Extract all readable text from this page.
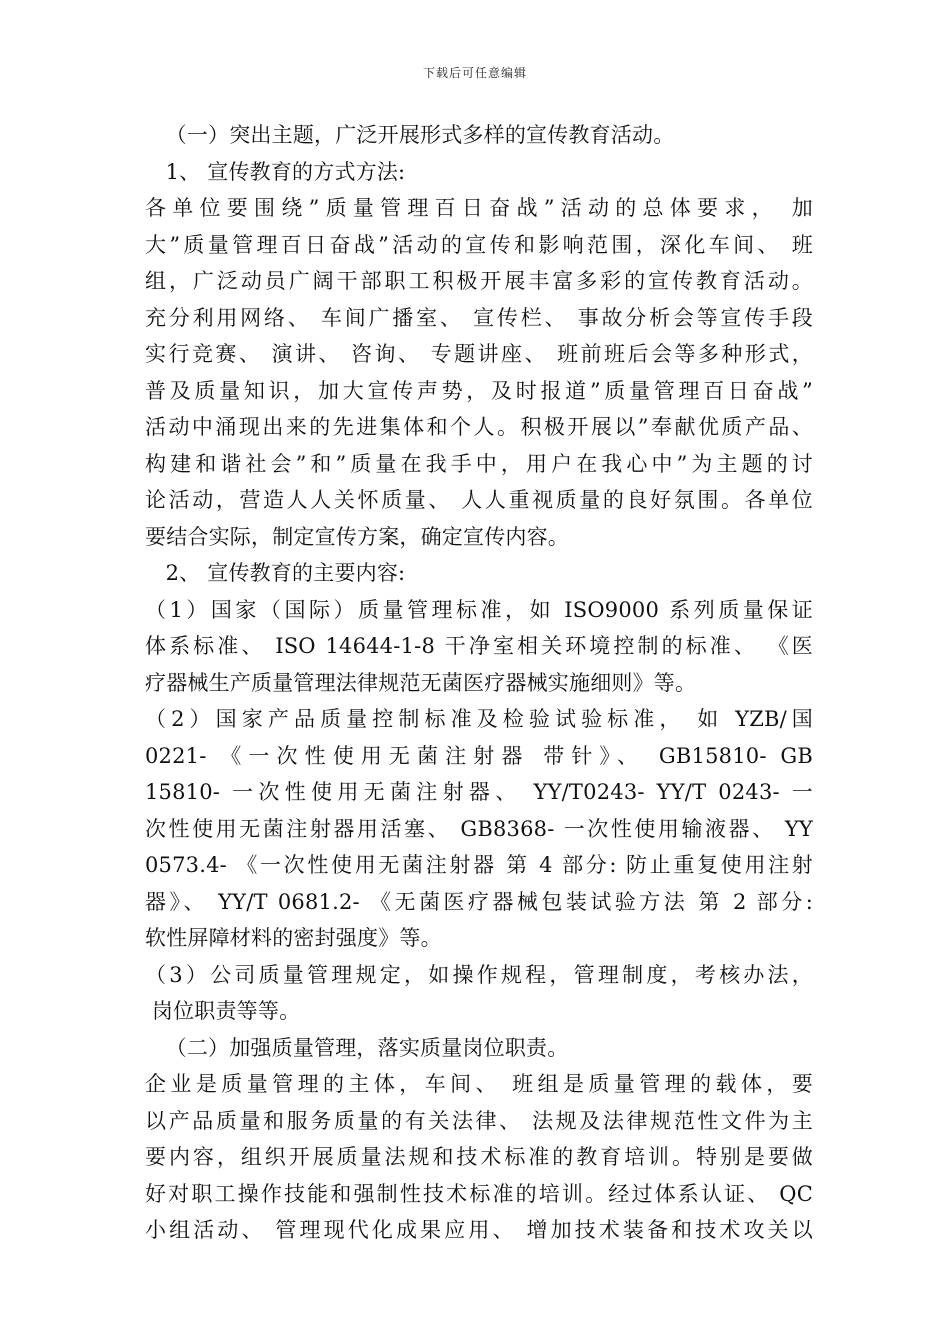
下载后可任意编辑
（一）突出主题，广泛开展形式多样的宣传教育活动。
1、 宣传教育的方式方法:
各单位要围绕”质量管理百日奋战”活动的总体要求， 加
大”质量管理百日奋战”活动的宣传和影响范围，深化车间、 班
组，广泛动员广阔干部职工积极开展丰富多彩的宣传教育活动。
充分利用网络、 车间广播室、 宣传栏、 事故分析会等宣传手段
实行竞赛、 演讲、 咨询、 专题讲座、 班前班后会等多种形式，
普及质量知识，加大宣传声势，及时报道”质量管理百日奋战”
活动中涌现出来的先进集体和个人。积极开展以”奉献优质产品、
构建和谐社会”和”质量在我手中，用户在我心中”为主题的讨
论活动，营造人人关怀质量、 人人重视质量的良好氛围。各单位
要结合实际，制定宣传方案，确定宣传内容。
2、 宣传教育的主要内容:
（1）国家（国际）质量管理标准，如 ISO9000 系列质量保证
体系标准、 ISO 14644-1-8 干净室相关环境控制的标准、 《医
疗器械生产质量管理法律规范无菌医疗器械实施细则》等。
（2）国家产品质量控制标准及检验试验标准， 如 YZB/国
0221- 《一次性使用无菌注射器 带针》、 GB15810- GB
15810- 一次性使用无菌注射器、 YY/T0243- YY/T 0243- 一
次性使用无菌注射器用活塞、 GB8368- 一次性使用输液器、 YY
0573.4- 《一次性使用无菌注射器 第 4 部分: 防止重复使用注射
器》、 YY/T 0681.2- 《无菌医疗器械包装试验方法 第 2 部分:
软性屏障材料的密封强度》等。
（3）公司质量管理规定，如操作规程，管理制度，考核办法，
岗位职责等等。
（二）加强质量管理，落实质量岗位职责。
企业是质量管理的主体，车间、 班组是质量管理的载体，要
以产品质量和服务质量的有关法律、 法规及法律规范性文件为主
要内容，组织开展质量法规和技术标准的教育培训。特别是要做
好对职工操作技能和强制性技术标准的培训。经过体系认证、 QC
小组活动、 管理现代化成果应用、 增加技术装备和技术攻关以
